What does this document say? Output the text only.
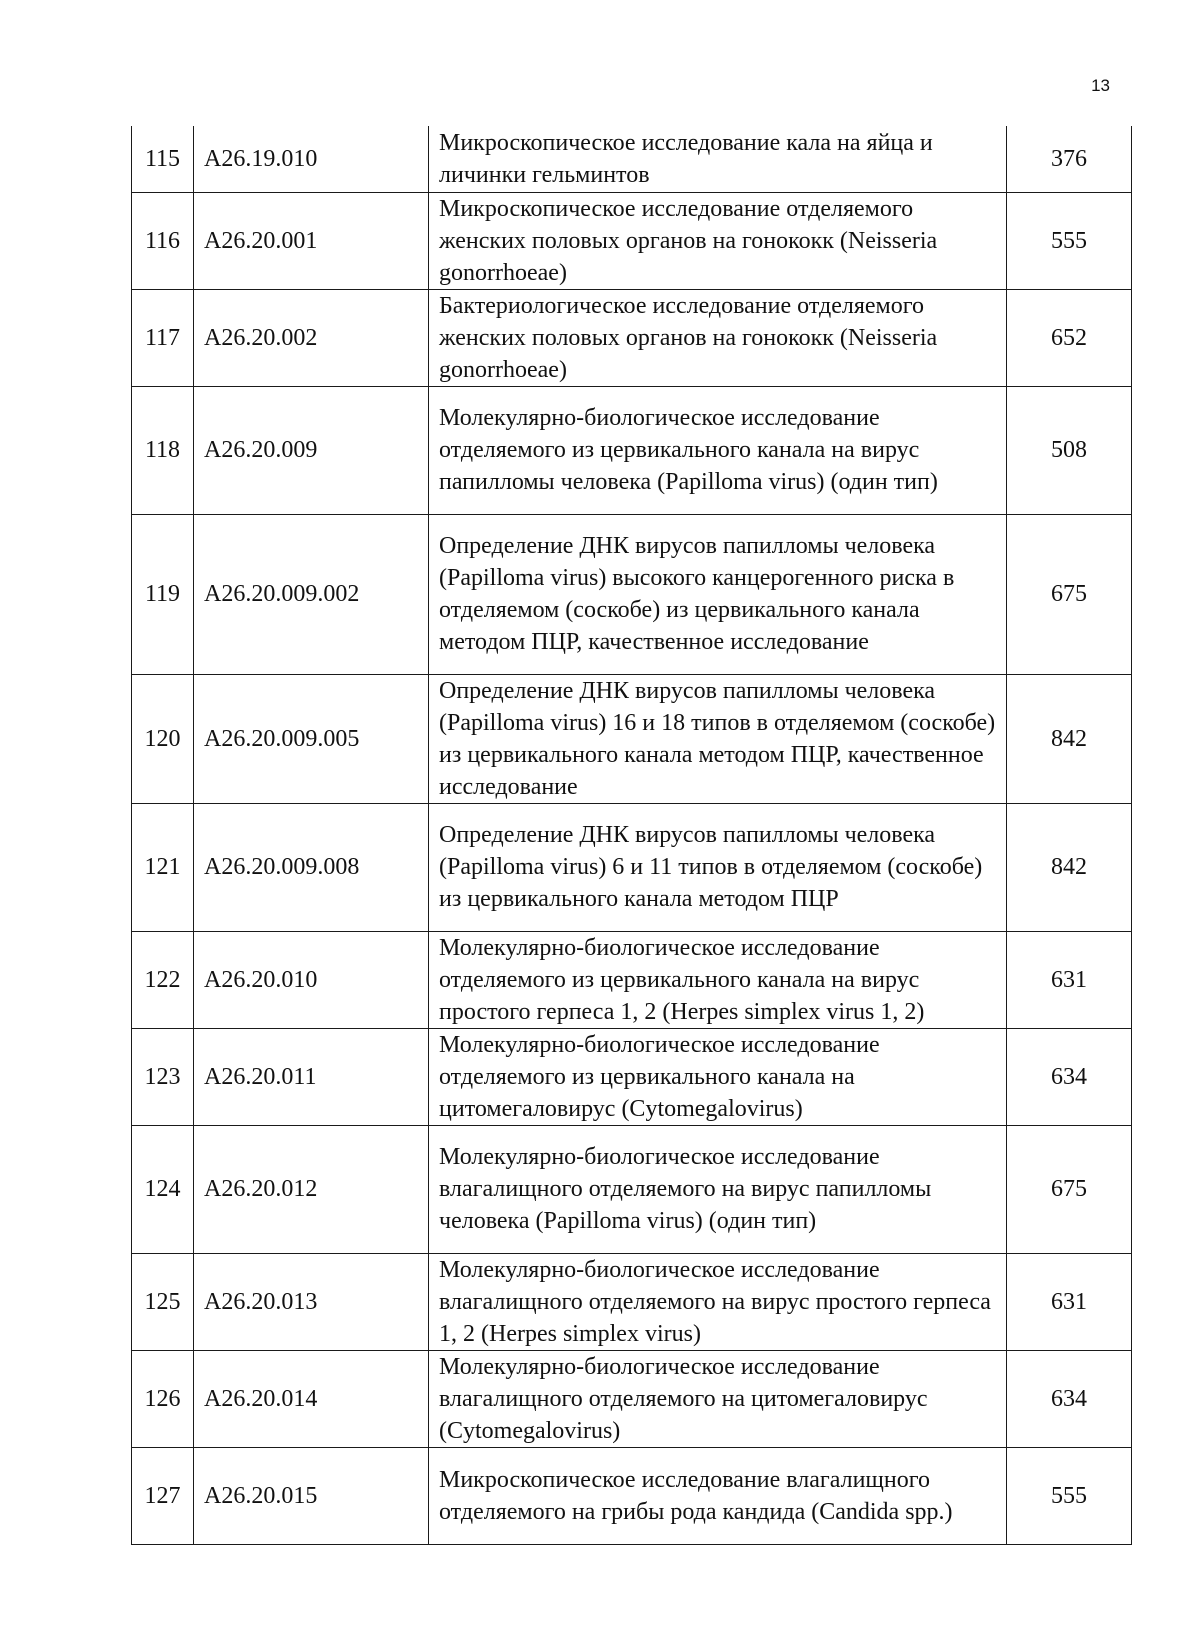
13
115	A26.19.010	Микроскопическое исследование кала на яйца и личинки гельминтов	376
116	A26.20.001	Микроскопическое исследование отделяемого женских половых органов на гонококк (Neisseria gonorrhoeae)	555
117	A26.20.002	Бактериологическое исследование отделяемого женских половых органов на гонококк (Neisseria gonorrhoeae)	652
118	A26.20.009	Молекулярно-биологическое исследование отделяемого из цервикального канала на вирус папилломы человека (Papilloma virus) (один тип)	508
119	A26.20.009.002	Определение ДНК вирусов папилломы человека (Papilloma virus) высокого канцерогенного риска в отделяемом (соскобе) из цервикального канала методом ПЦР, качественное исследование	675
120	A26.20.009.005	Определение ДНК вирусов папилломы человека (Papilloma virus) 16 и 18 типов в отделяемом (соскобе) из цервикального канала методом ПЦР, качественное исследование	842
121	A26.20.009.008	Определение ДНК вирусов папилломы человека (Papilloma virus) 6 и 11 типов в отделяемом (соскобе) из цервикального канала методом ПЦР	842
122	A26.20.010	Молекулярно-биологическое исследование отделяемого из цервикального канала на вирус простого герпеса 1, 2 (Herpes simplex virus 1, 2)	631
123	A26.20.011	Молекулярно-биологическое исследование отделяемого из цервикального канала на цитомегаловирус (Cytomegalovirus)	634
124	A26.20.012	Молекулярно-биологическое исследование влагалищного отделяемого на вирус папилломы человека (Papilloma virus) (один тип)	675
125	A26.20.013	Молекулярно-биологическое исследование влагалищного отделяемого на вирус простого герпеса 1, 2 (Herpes simplex virus)	631
126	A26.20.014	Молекулярно-биологическое исследование влагалищного отделяемого на цитомегаловирус (Cytomegalovirus)	634
127	A26.20.015	Микроскопическое исследование влагалищного отделяемого на грибы рода кандида (Candida spp.)	555
